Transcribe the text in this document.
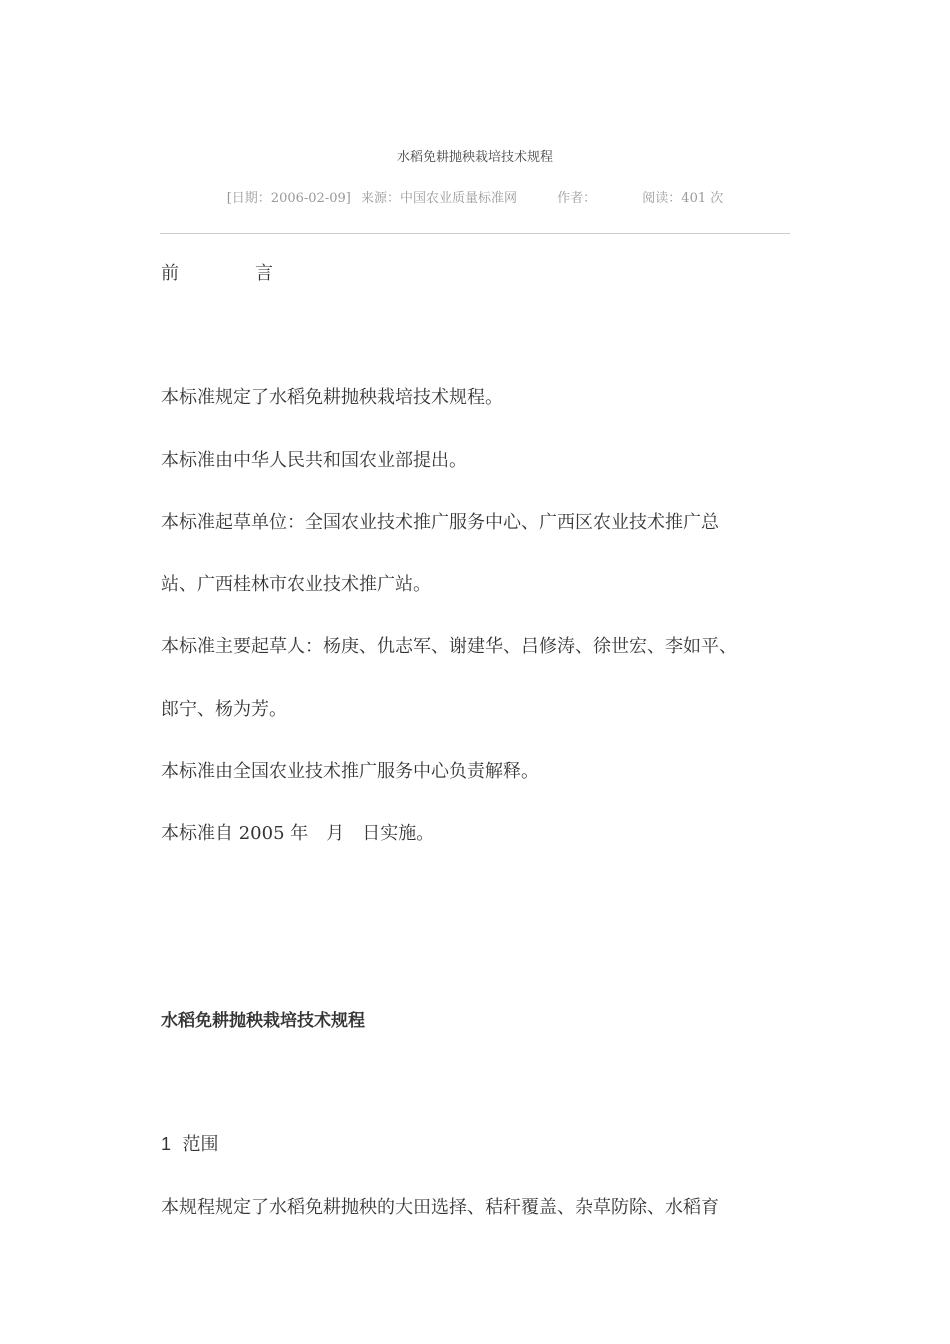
水稻免耕抛秧栽培技术规程
[日期：2006-02-09] 来源：中国农业质量标准网	作者：	阅读：401 次
前	言
本标准规定了水稻免耕抛秧栽培技术规程。
本标准由中华人民共和国农业部提出。
本标准起草单位：全国农业技术推广服务中心、广西区农业技术推广总
站、广西桂林市农业技术推广站。
本标准主要起草人：杨庚、仇志军、谢建华、吕修涛、徐世宏、李如平、
郎宁、杨为芳。
本标准由全国农业技术推广服务中心负责解释。
本标准自 2005 年　月　日实施。
水稻免耕抛秧栽培技术规程
1 范围
本规程规定了水稻免耕抛秧的大田选择、秸秆覆盖、杂草防除、水稻育
